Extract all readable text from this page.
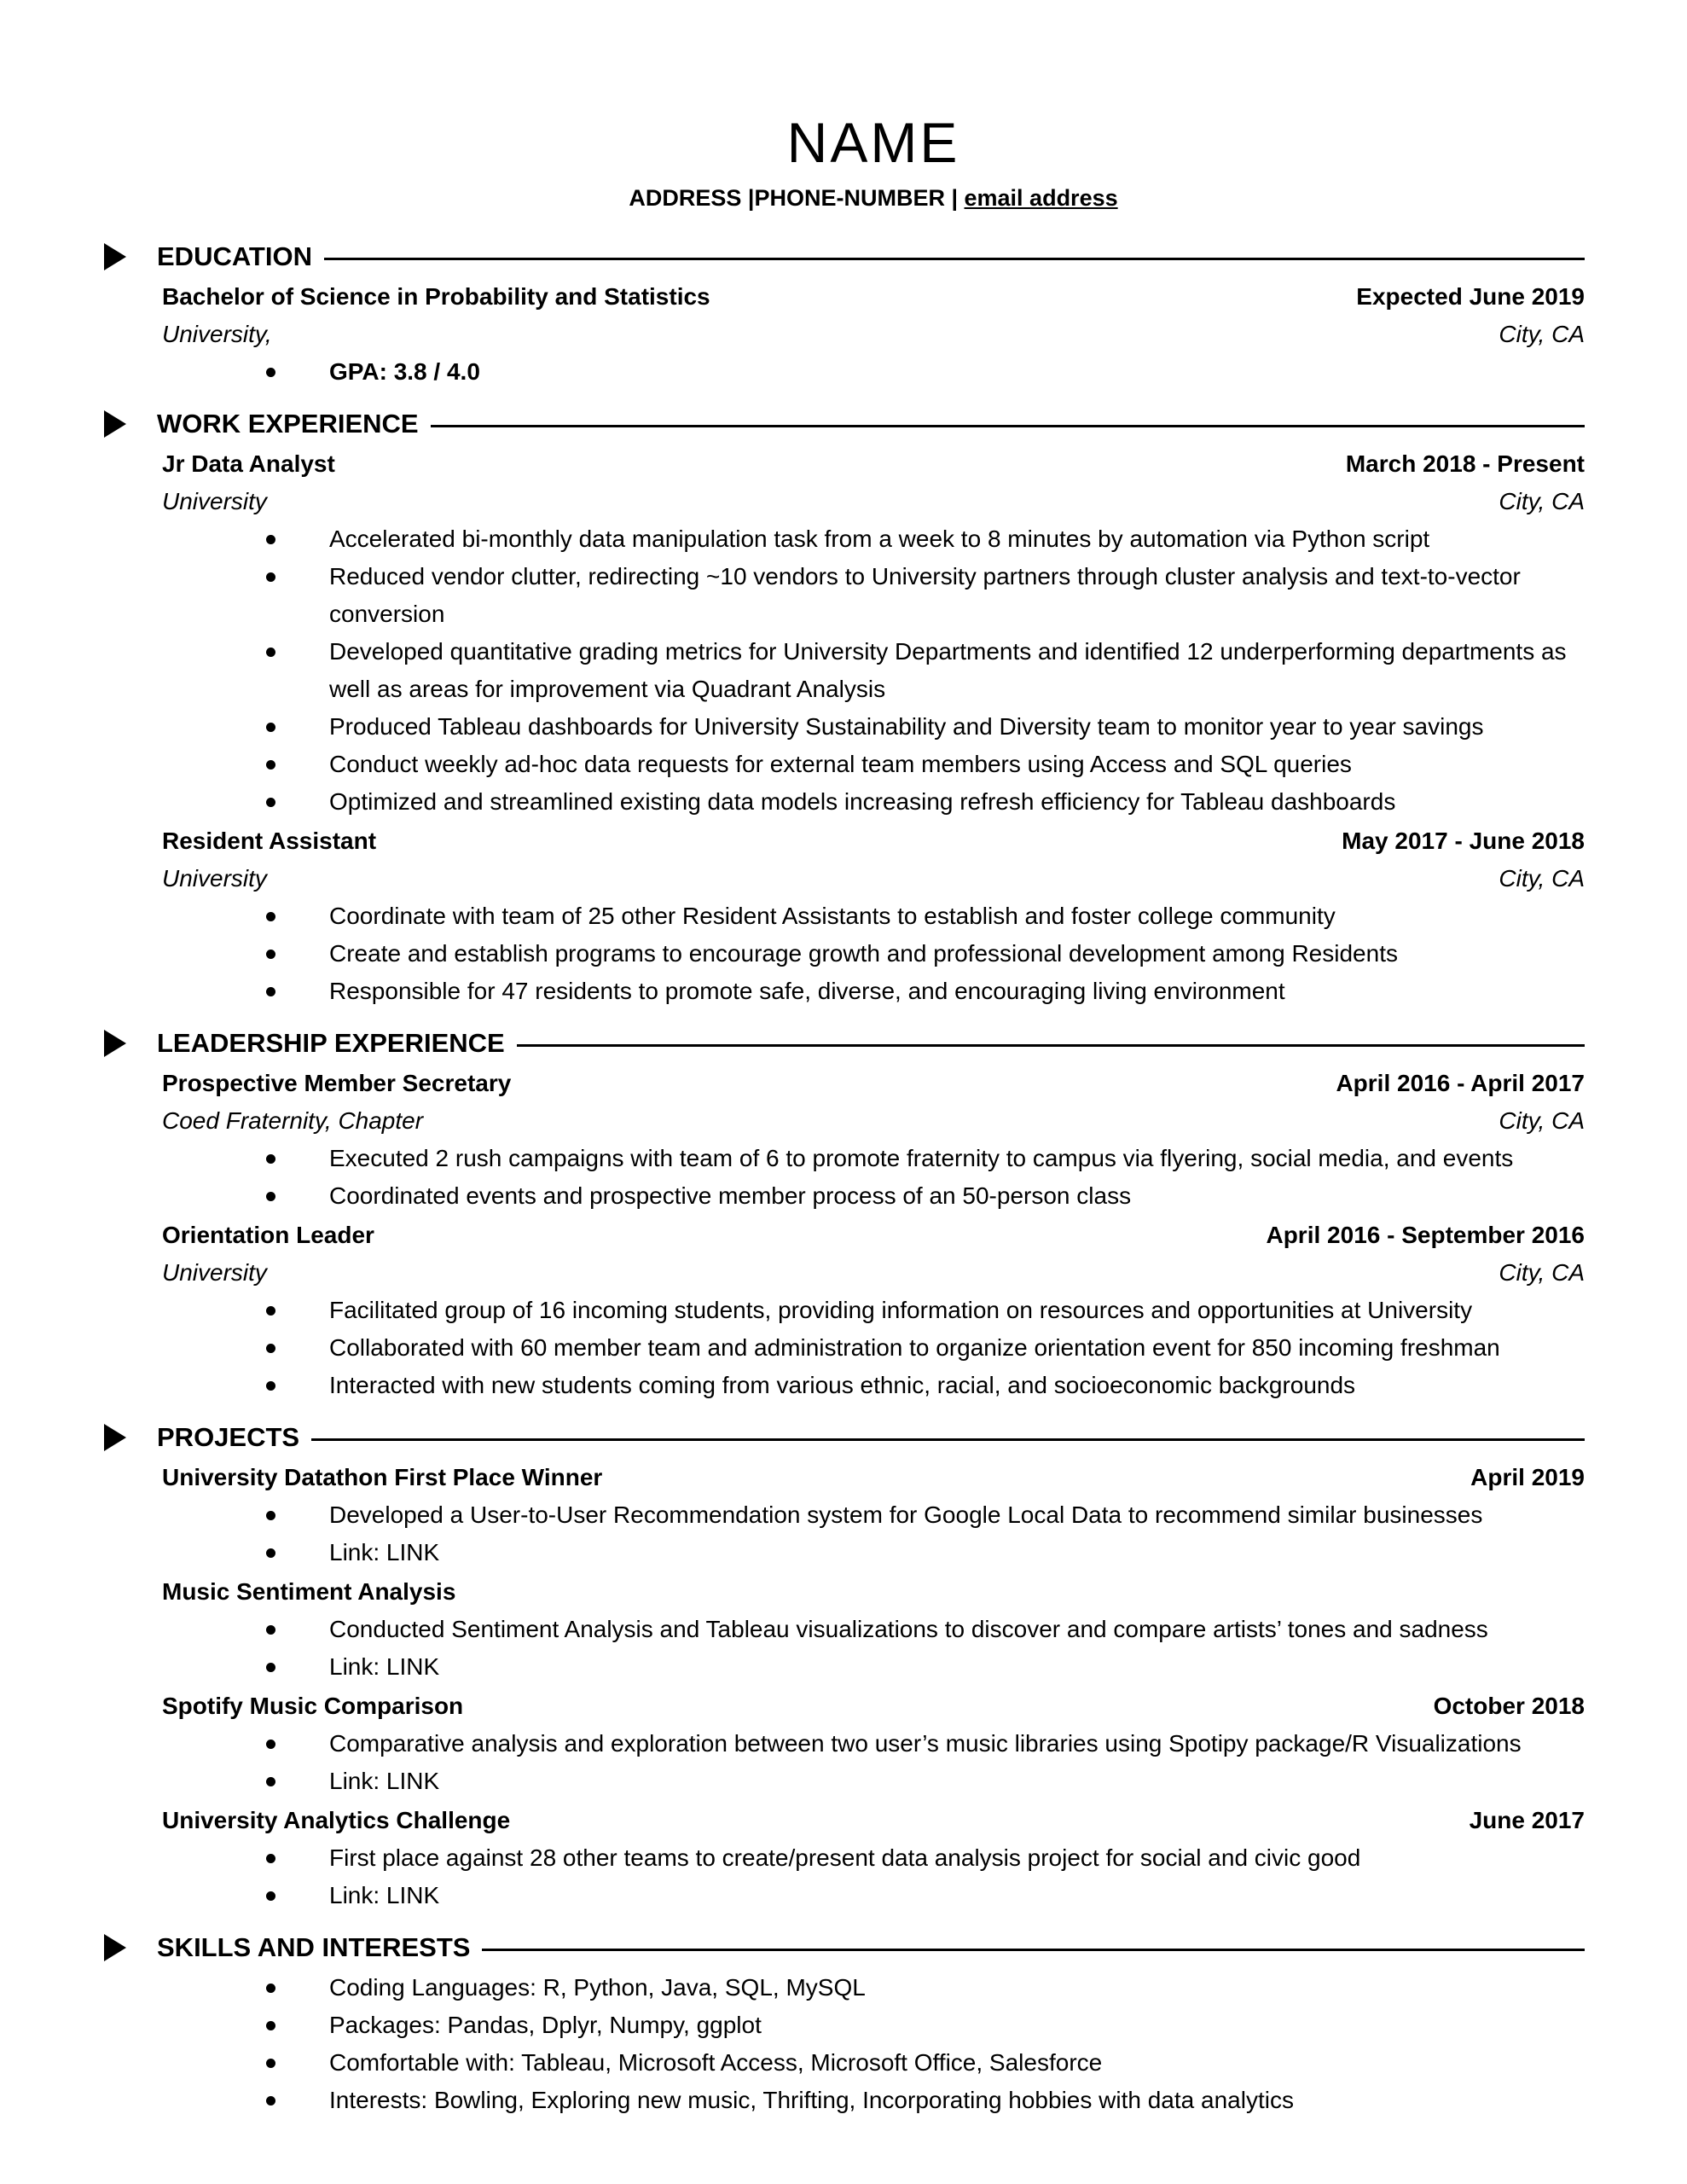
NAME
ADDRESS |PHONE-NUMBER | email address
EDUCATION
Bachelor of Science in Probability and Statistics	Expected June 2019
University,	City, CA
GPA: 3.8 / 4.0
WORK EXPERIENCE
Jr Data Analyst	March 2018 - Present
University	City, CA
Accelerated bi-monthly data manipulation task from a week to 8 minutes by automation via Python script
Reduced vendor clutter, redirecting ~10 vendors to University partners through cluster analysis and text-to-vector conversion
Developed quantitative grading metrics for University Departments and identified 12 underperforming departments as well as areas for improvement via Quadrant Analysis
Produced Tableau dashboards for University Sustainability and Diversity team to monitor year to year savings
Conduct weekly ad-hoc data requests for external team members using Access and SQL queries
Optimized and streamlined existing data models increasing refresh efficiency for Tableau dashboards
Resident Assistant	May 2017 - June 2018
University	City, CA
Coordinate with team of 25 other Resident Assistants to establish and foster college community
Create and establish programs to encourage growth and professional development among Residents
Responsible for 47 residents to promote safe, diverse, and encouraging living environment
LEADERSHIP EXPERIENCE
Prospective Member Secretary	April 2016 - April 2017
Coed Fraternity, Chapter	City, CA
Executed 2 rush campaigns with team of 6 to promote fraternity to campus via flyering, social media, and events
Coordinated events and prospective member process of an 50-person class
Orientation Leader	April 2016 - September 2016
University	City, CA
Facilitated group of 16 incoming students, providing information on resources and opportunities at University
Collaborated with 60 member team and administration to organize orientation event for 850 incoming freshman
Interacted with new students coming from various ethnic, racial, and socioeconomic backgrounds
PROJECTS
University Datathon First Place Winner	April 2019
Developed a User-to-User Recommendation system for Google Local Data to recommend similar businesses
Link: LINK
Music Sentiment Analysis
Conducted Sentiment Analysis and Tableau visualizations to discover and compare artists’ tones and sadness
Link: LINK
Spotify Music Comparison	October 2018
Comparative analysis and exploration between two user’s music libraries using Spotipy package/R Visualizations
Link: LINK
University Analytics Challenge	June 2017
First place against 28 other teams to create/present data analysis project for social and civic good
Link: LINK
SKILLS AND INTERESTS
Coding Languages: R, Python, Java, SQL, MySQL
Packages: Pandas, Dplyr, Numpy, ggplot
Comfortable with: Tableau, Microsoft Access, Microsoft Office, Salesforce
Interests: Bowling, Exploring new music, Thrifting, Incorporating hobbies with data analytics
